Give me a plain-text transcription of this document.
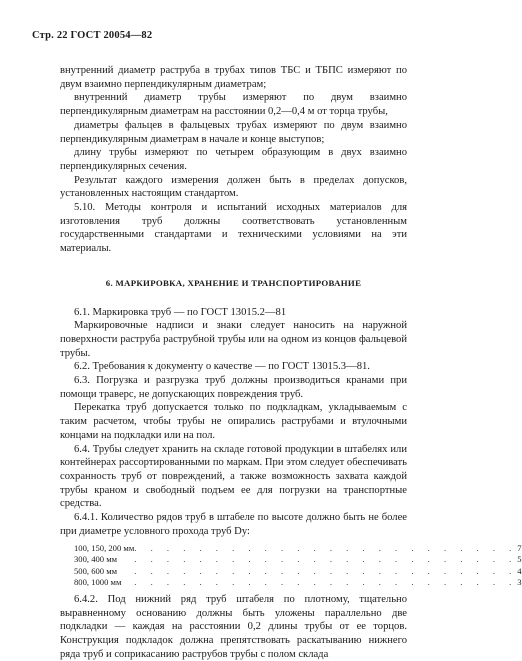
Стр. 22 ГОСТ 20054—82

внутренний диаметр раструба в трубах типов ТБС и ТБПС измеряют по двум взаимно перпендикулярным диаметрам;

внутренний диаметр трубы измеряют по двум взаимно перпендикулярным диаметрам на расстоянии 0,2—0,4 м от торца трубы,

диаметры фальцев в фальцевых трубах измеряют по двум взаимно перпендикулярным диаметрам в начале и конце выступов;

длину трубы измеряют по четырем образующим в двух взаимно перпендикулярных сечения.

Результат каждого измерения должен быть в пределах допусков, установленных настоящим стандартом.

5.10. Методы контроля и испытаний исходных материалов для изготовления труб должны соответствовать установленным государственными стандартами и техническими условиями на эти материалы.

6. МАРКИРОВКА, ХРАНЕНИЕ И ТРАНСПОРТИРОВАНИЕ

6.1. Маркировка труб — по ГОСТ 13015.2—81

Маркировочные надписи и знаки следует наносить на наружной поверхности раструба раструбной трубы или на одном из концов фальцевой трубы.

6.2. Требования к документу о качестве — по ГОСТ 13015.3—81.

6.3. Погрузка и разгрузка труб должны производиться кранами при помощи траверс, не допускающих повреждения труб.

Перекатка труб допускается только по подкладкам, укладываемым с таким расчетом, чтобы трубы не опирались раструбами и втулочными концами на подкладки или на пол.

6.4. Трубы следует хранить на складе готовой продукции в штабелях или контейнерах рассортированными по маркам. При этом следует обеспечивать сохранность труб от повреждений, а также возможность захвата каждой трубы краном и свободный подъем ее для погрузки на транспортные средства.

6.4.1. Количество рядов труб в штабеле по высоте должно быть не более при диаметре условного прохода труб Dу:

100, 150, 200 мм	. . . . . . . . . . . . . . . . . . . . . . . .	7
300, 400 мм	. . . . . . . . . . . . . . . . . . . . . . . .	5
500, 600 мм	. . . . . . . . . . . . . . . . . . . . . . . .	4
800, 1000 мм	. . . . . . . . . . . . . . . . . . . . . . . .	3

6.4.2. Под нижний ряд труб штабеля по плотному, тщательно выравненному основанию должны быть уложены параллельно две подкладки — каждая на расстоянии 0,2 длины трубы от ее торцов. Конструкция подкладок должна препятствовать раскатыванию нижнего ряда труб и соприкасанию раструбов трубы с полом склада
